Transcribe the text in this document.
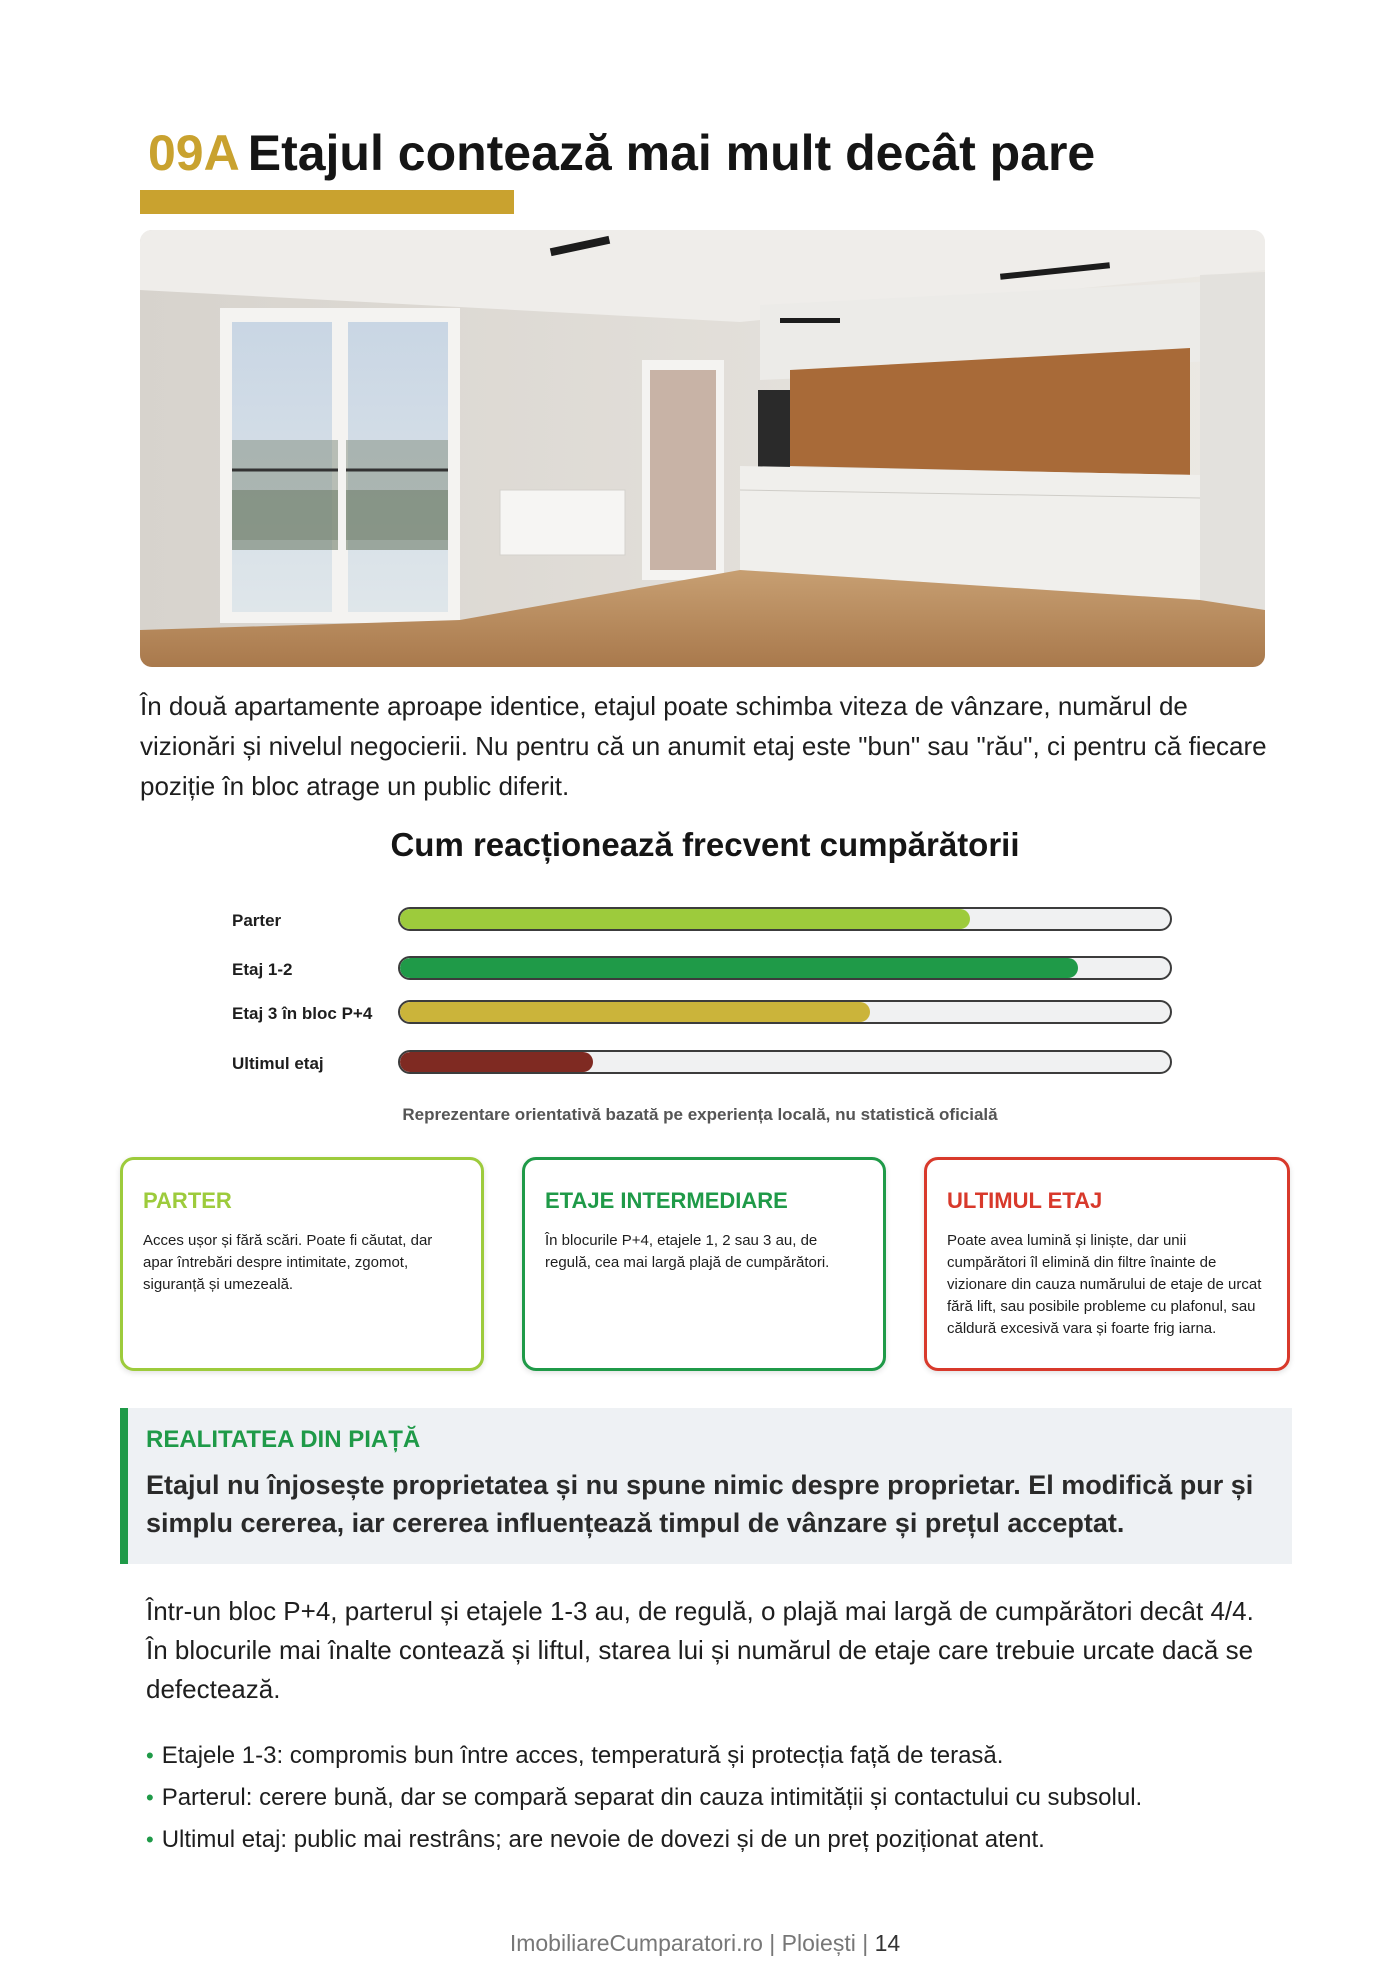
09A Etajul contează mai mult decât pare

În două apartamente aproape identice, etajul poate schimba viteza de vânzare, numărul de vizionări și nivelul negocierii. Nu pentru că un anumit etaj este "bun" sau "rău", ci pentru că fiecare poziție în bloc atrage un public diferit.

Cum reacționează frecvent cumpărătorii
Parter
Etaj 1-2
Etaj 3 în bloc P+4
Ultimul etaj

Reprezentare orientativă bazată pe experiența locală, nu statistică oficială

PARTER

Acces ușor și fără scări. Poate fi căutat, dar apar întrebări despre intimitate, zgomot, siguranță și umezeală.

ETAJE INTERMEDIARE

În blocurile P+4, etajele 1, 2 sau 3 au, de regulă, cea mai largă plajă de cumpărători.

ULTIMUL ETAJ

Poate avea lumină și liniște, dar unii cumpărători îl elimină din filtre înainte de vizionare din cauza numărului de etaje de urcat fără lift, sau posibile probleme cu plafonul, sau căldură excesivă vara și foarte frig iarna.

REALITATEA DIN PIAȚĂ

Etajul nu înjosește proprietatea și nu spune nimic despre proprietar. El modifică pur și simplu cererea, iar cererea influențează timpul de vânzare și prețul acceptat.

Într-un bloc P+4, parterul și etajele 1-3 au, de regulă, o plajă mai largă de cumpărători decât 4/4. În blocurile mai înalte contează și liftul, starea lui și numărul de etaje care trebuie urcate dacă se defectează.

• Etajele 1-3: compromis bun între acces, temperatură și protecția față de terasă.
• Parterul: cerere bună, dar se compară separat din cauza intimității și contactului cu subsolul.
• Ultimul etaj: public mai restrâns; are nevoie de dovezi și de un preț poziționat atent.

ImobiliareCumparatori.ro | Ploiești | 14
